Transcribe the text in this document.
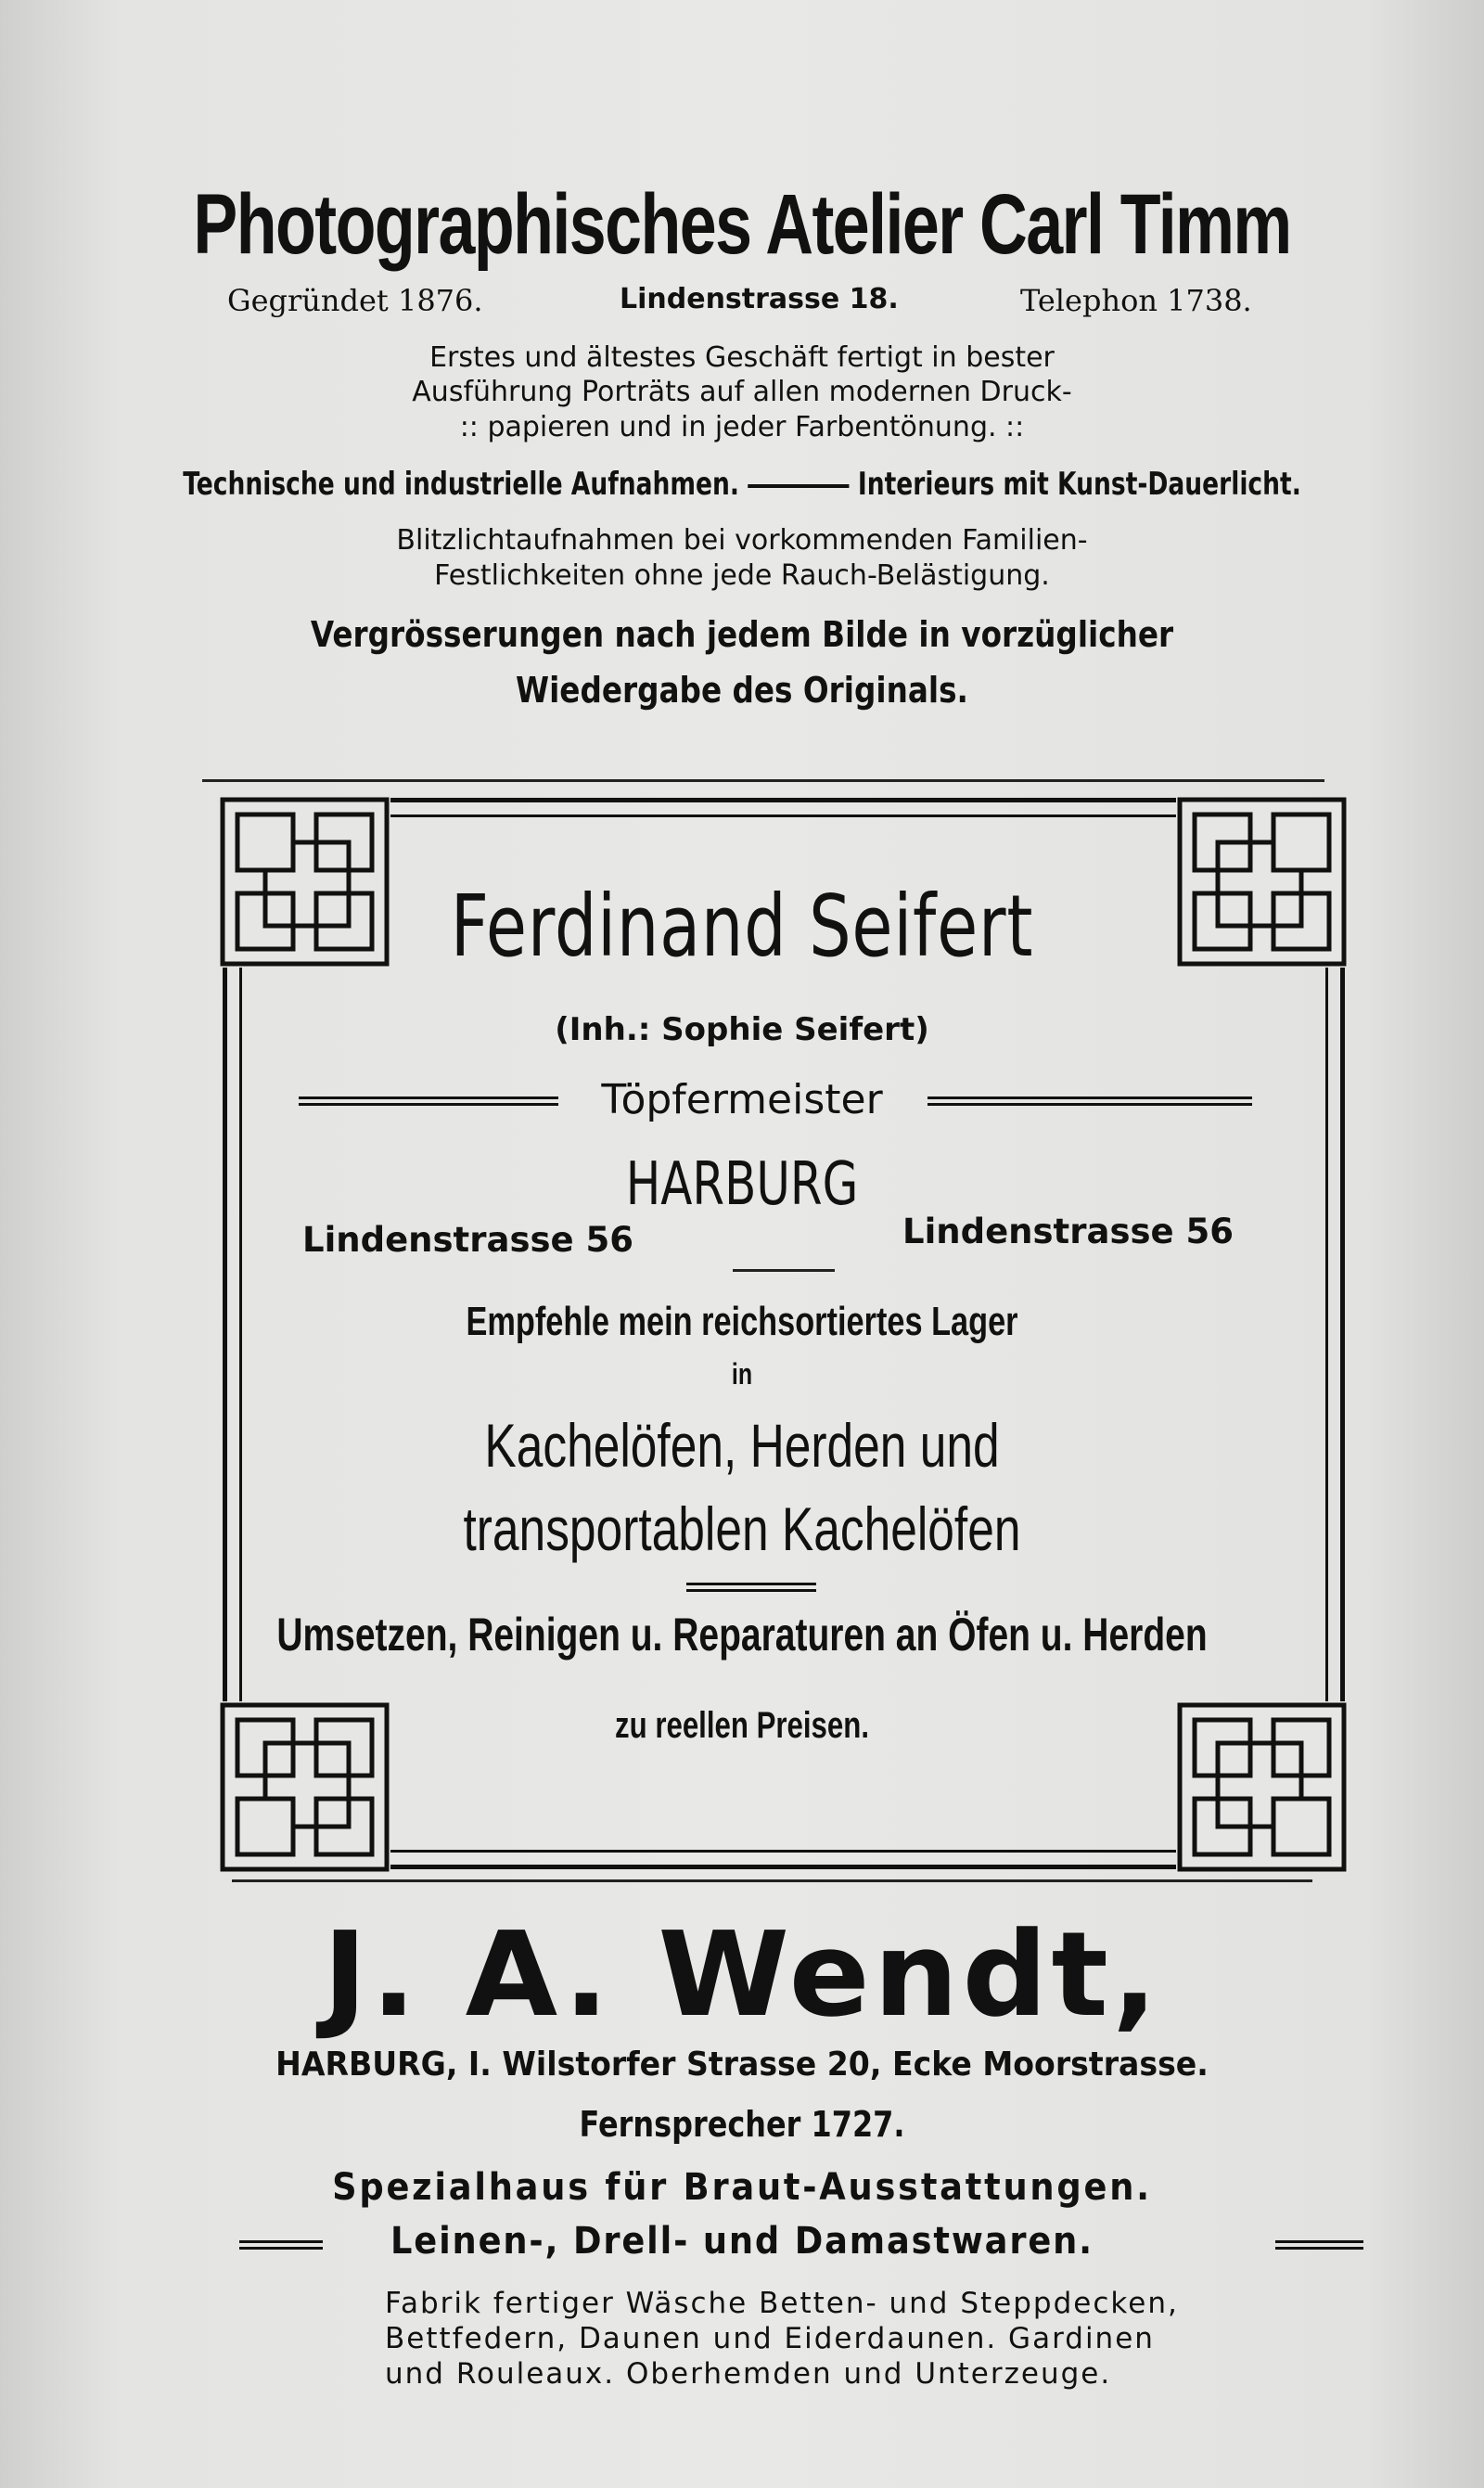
Photographisches Atelier Carl Timm
Gegründet 1876.	Lindenstrasse 18.	Telephon 1738.
Erstes und ältestes Geschäft fertigt in bester
Ausführung Porträts auf allen modernen Druck-
:: papieren und in jeder Farbentönung. ::
Technische und industrielle Aufnahmen.	Interieurs mit Kunst-Dauerlicht.
Blitzlichtaufnahmen bei vorkommenden Familien-
Festlichkeiten ohne jede Rauch-Belästigung.
Vergrösserungen nach jedem Bilde in vorzüglicher
Wiedergabe des Originals.
Ferdinand Seifert
(Inh.: Sophie Seifert)
Töpfermeister
HARBURG
Lindenstrasse 56	Lindenstrasse 56
Empfehle mein reichsortiertes Lager
in
Kachelöfen, Herden und
transportablen Kachelöfen
Umsetzen, Reinigen u. Reparaturen an Öfen u. Herden
zu reellen Preisen.
J. A. Wendt,
HARBURG, I. Wilstorfer Strasse 20, Ecke Moorstrasse.
Fernsprecher 1727.
Spezialhaus für Braut-Ausstattungen.
Leinen-, Drell- und Damastwaren.
Fabrik fertiger Wäsche Betten- und Steppdecken,
Bettfedern, Daunen und Eiderdaunen. Gardinen
und Rouleaux. Oberhemden und Unterzeuge.
